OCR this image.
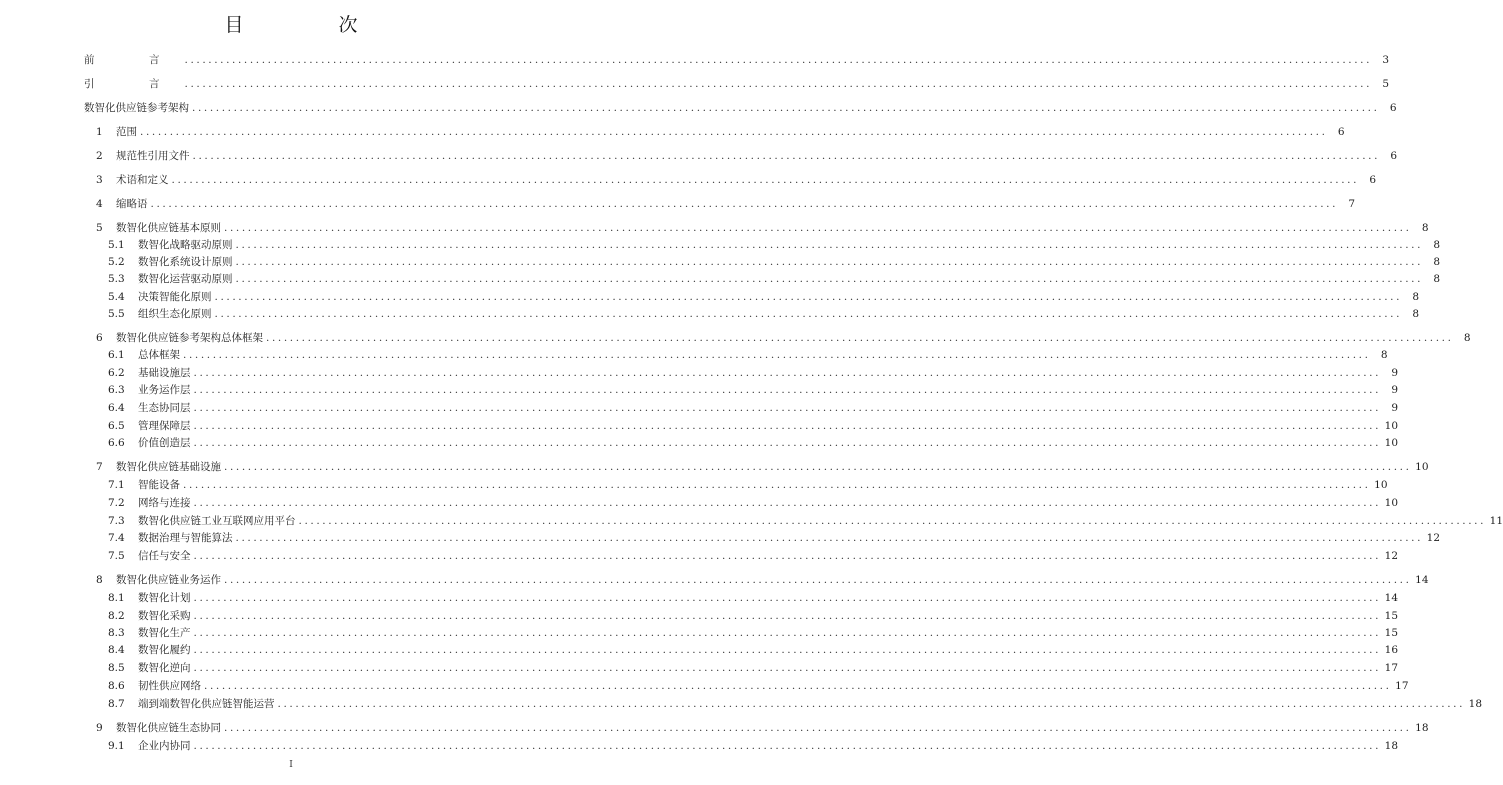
目　次
前　言 ........................................................................................................................................................................................................ 3
引　言 ........................................................................................................................................................................................................ 5
数智化供应链参考架构 ........................................................................................................................................................................................................ 6
1	范围 ........................................................................................................................................................................................................ 6
2	规范性引用文件 ........................................................................................................................................................................................................ 6
3	术语和定义 ........................................................................................................................................................................................................ 6
4	缩略语 ........................................................................................................................................................................................................ 7
5	数智化供应链基本原则 ........................................................................................................................................................................................................ 8
5.1	数智化战略驱动原则 ........................................................................................................................................................................................................ 8
5.2	数智化系统设计原则 ........................................................................................................................................................................................................ 8
5.3	数智化运营驱动原则 ........................................................................................................................................................................................................ 8
5.4	决策智能化原则 ........................................................................................................................................................................................................ 8
5.5	组织生态化原则 ........................................................................................................................................................................................................ 8
6	数智化供应链参考架构总体框架 ........................................................................................................................................................................................................ 8
6.1	总体框架 ........................................................................................................................................................................................................ 8
6.2	基础设施层 ........................................................................................................................................................................................................ 9
6.3	业务运作层 ........................................................................................................................................................................................................ 9
6.4	生态协同层 ........................................................................................................................................................................................................ 9
6.5	管理保障层 ........................................................................................................................................................................................................ 10
6.6	价值创造层 ........................................................................................................................................................................................................ 10
7	数智化供应链基础设施 ........................................................................................................................................................................................................ 10
7.1	智能设备 ........................................................................................................................................................................................................ 10
7.2	网络与连接 ........................................................................................................................................................................................................ 10
7.3	数智化供应链工业互联网应用平台 ........................................................................................................................................................................................................ 11
7.4	数据治理与智能算法 ........................................................................................................................................................................................................ 12
7.5	信任与安全 ........................................................................................................................................................................................................ 12
8	数智化供应链业务运作 ........................................................................................................................................................................................................ 14
8.1	数智化计划 ........................................................................................................................................................................................................ 14
8.2	数智化采购 ........................................................................................................................................................................................................ 15
8.3	数智化生产 ........................................................................................................................................................................................................ 15
8.4	数智化履约 ........................................................................................................................................................................................................ 16
8.5	数智化逆向 ........................................................................................................................................................................................................ 17
8.6	韧性供应网络 ........................................................................................................................................................................................................ 17
8.7	端到端数智化供应链智能运营 ........................................................................................................................................................................................................ 18
9	数智化供应链生态协同 ........................................................................................................................................................................................................ 18
9.1	企业内协同 ........................................................................................................................................................................................................ 18
I
